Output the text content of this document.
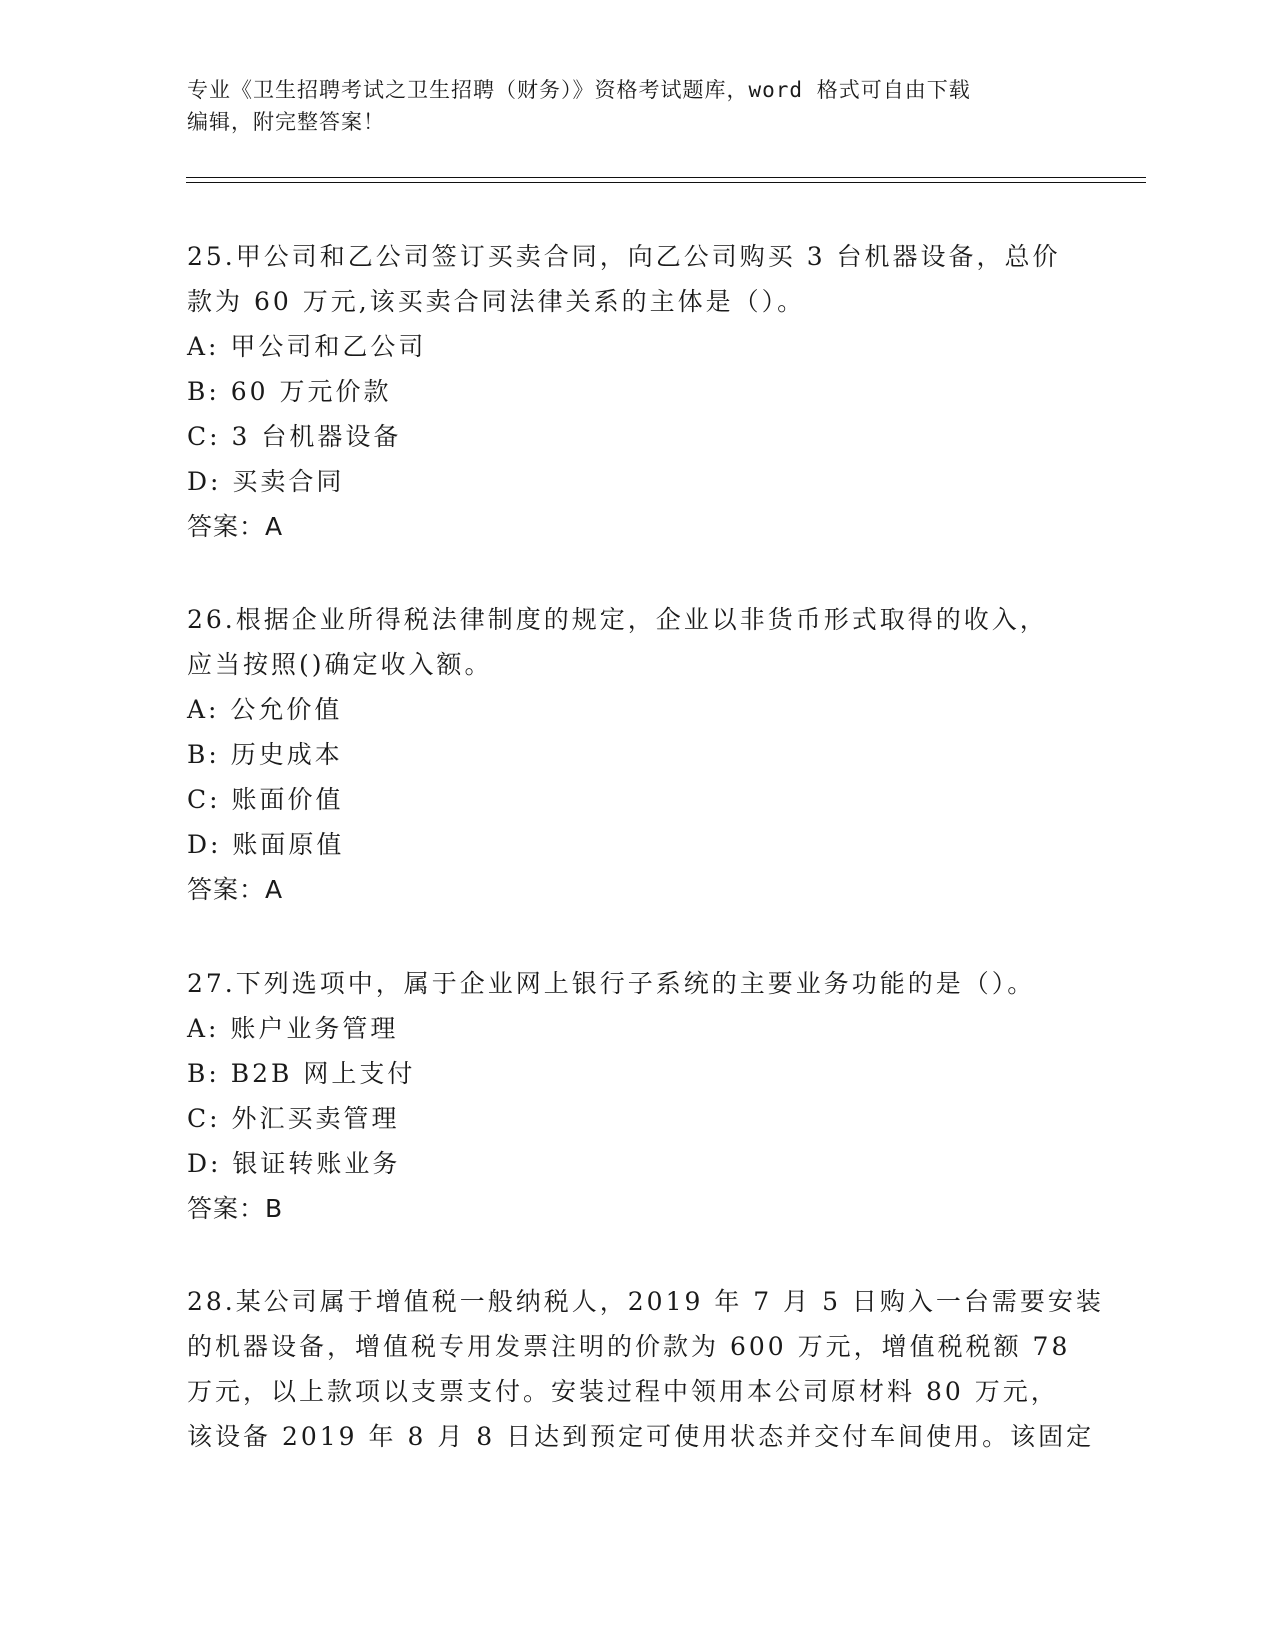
专业《卫生招聘考试之卫生招聘（财务）》资格考试题库，word 格式可自由下载
编辑，附完整答案！
25.甲公司和乙公司签订买卖合同，向乙公司购买 3 台机器设备，总价
款为 60 万元,该买卖合同法律关系的主体是（）。
A: 甲公司和乙公司
B: 60 万元价款
C: 3 台机器设备
D: 买卖合同
答案：A
26.根据企业所得税法律制度的规定，企业以非货币形式取得的收入，
应当按照()确定收入额。
A: 公允价值
B: 历史成本
C: 账面价值
D: 账面原值
答案：A
27.下列选项中，属于企业网上银行子系统的主要业务功能的是（）。
A: 账户业务管理
B: B2B 网上支付
C: 外汇买卖管理
D: 银证转账业务
答案：B
28.某公司属于增值税一般纳税人，2019 年 7 月 5 日购入一台需要安装
的机器设备，增值税专用发票注明的价款为 600 万元，增值税税额 78
万元，以上款项以支票支付。安装过程中领用本公司原材料 80 万元，
该设备 2019 年 8 月 8 日达到预定可使用状态并交付车间使用。该固定
